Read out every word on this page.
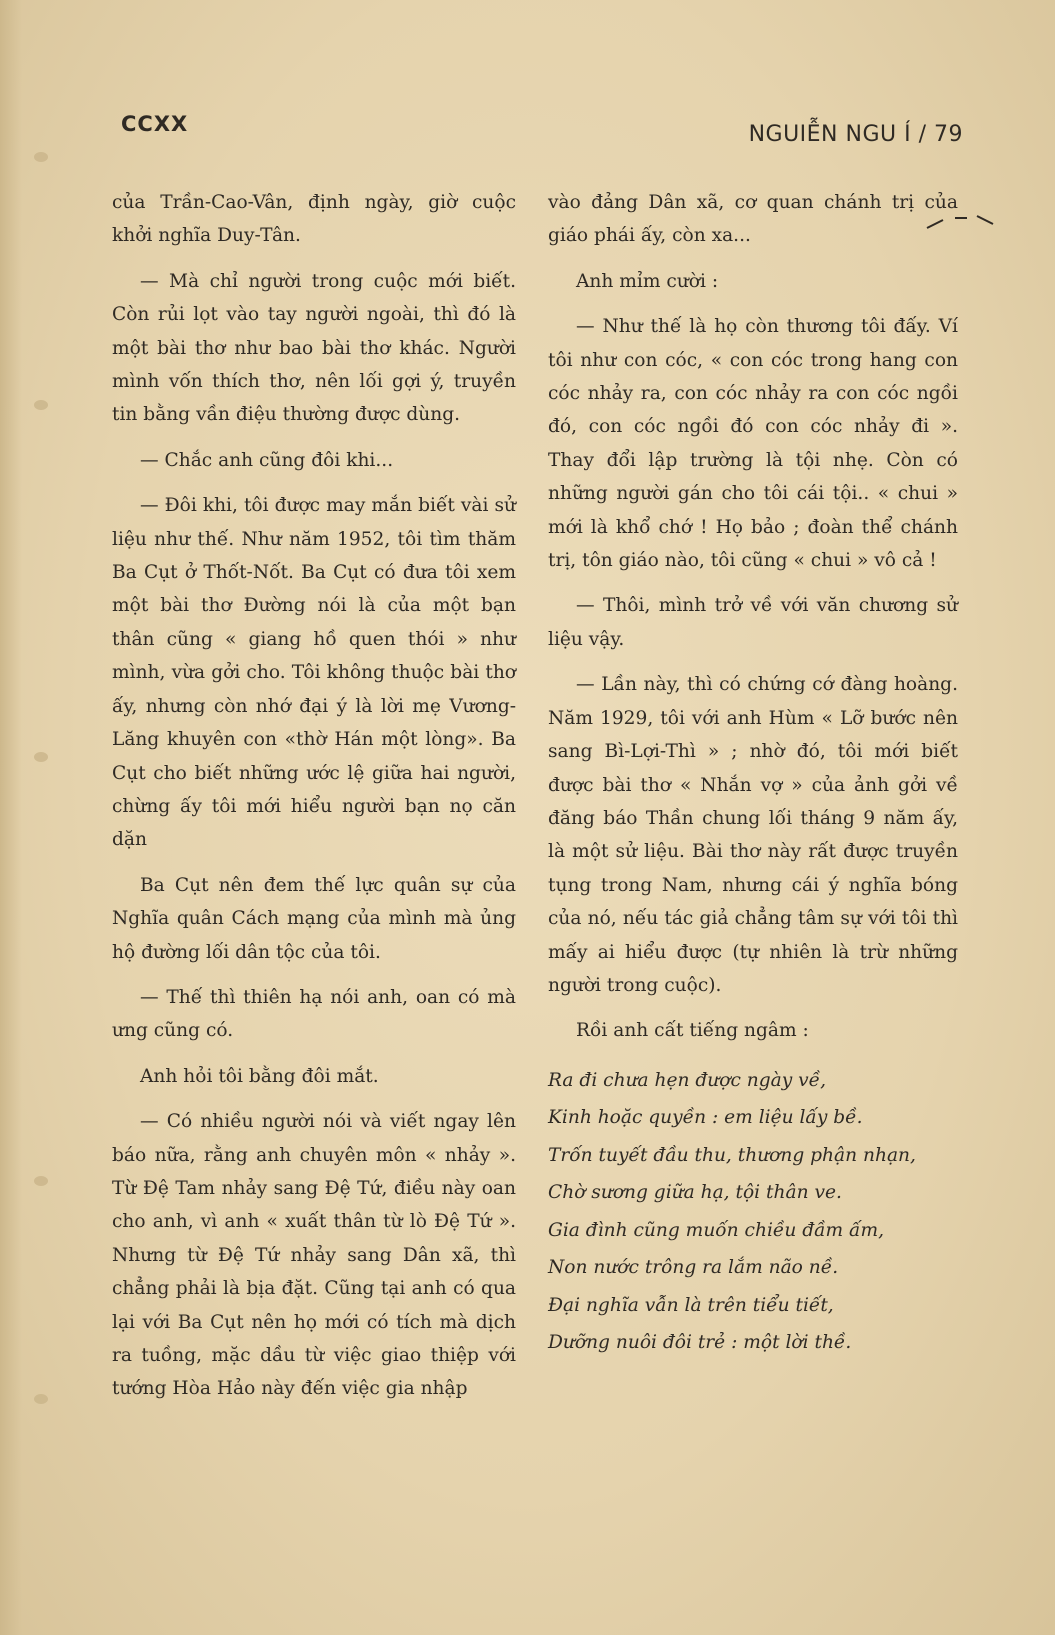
CCXX	NGUIỄN NGU Í / 79

của Trần-Cao-Vân, định ngày, giờ cuộc khởi nghĩa Duy-Tân.

— Mà chỉ người trong cuộc mới biết. Còn rủi lọt vào tay người ngoài, thì đó là một bài thơ như bao bài thơ khác. Người mình vốn thích thơ, nên lối gợi ý, truyền tin bằng vần điệu thường được dùng.

— Chắc anh cũng đôi khi...

— Đôi khi, tôi được may mắn biết vài sử liệu như thế. Như năm 1952, tôi tìm thăm Ba Cụt ở Thốt-Nốt. Ba Cụt có đưa tôi xem một bài thơ Đường nói là của một bạn thân cũng « giang hồ quen thói » như mình, vừa gởi cho. Tôi không thuộc bài thơ ấy, nhưng còn nhớ đại ý là lời mẹ Vương-Lăng khuyên con «thờ Hán một lòng». Ba Cụt cho biết những ước lệ giữa hai người, chừng ấy tôi mới hiểu người bạn nọ căn dặn

Ba Cụt nên đem thế lực quân sự của Nghĩa quân Cách mạng của mình mà ủng hộ đường lối dân tộc của tôi.

— Thế thì thiên hạ nói anh, oan có mà ưng cũng có.

Anh hỏi tôi bằng đôi mắt.

— Có nhiều người nói và viết ngay lên báo nữa, rằng anh chuyên môn « nhảy ». Từ Đệ Tam nhảy sang Đệ Tứ, điều này oan cho anh, vì anh « xuất thân từ lò Đệ Tứ ». Nhưng từ Đệ Tứ nhảy sang Dân xã, thì chẳng phải là bịa đặt. Cũng tại anh có qua lại với Ba Cụt nên họ mới có tích mà dịch ra tuồng, mặc dầu từ việc giao thiệp với tướng Hòa Hảo này đến việc gia nhập

vào đảng Dân xã, cơ quan chánh trị của giáo phái ấy, còn xa...

Anh mỉm cười :

— Như thế là họ còn thương tôi đấy. Ví tôi như con cóc, « con cóc trong hang con cóc nhảy ra, con cóc nhảy ra con cóc ngồi đó, con cóc ngồi đó con cóc nhảy đi ». Thay đổi lập trường là tội nhẹ. Còn có những người gán cho tôi cái tội.. « chui » mới là khổ chớ ! Họ bảo ; đoàn thể chánh trị, tôn giáo nào, tôi cũng « chui » vô cả !

— Thôi, mình trở về với văn chương sử liệu vậy.

— Lần này, thì có chứng cớ đàng hoàng. Năm 1929, tôi với anh Hùm « Lỡ bước nên sang Bì-Lợi-Thì » ; nhờ đó, tôi mới biết được bài thơ « Nhắn vợ » của ảnh gởi về đăng báo Thần chung lối tháng 9 năm ấy, là một sử liệu. Bài thơ này rất được truyền tụng trong Nam, nhưng cái ý nghĩa bóng của nó, nếu tác giả chẳng tâm sự với tôi thì mấy ai hiểu được (tự nhiên là trừ những người trong cuộc).

Rồi anh cất tiếng ngâm :

Ra đi chưa hẹn được ngày về,
Kinh hoặc quyền : em liệu lấy bề.
Trốn tuyết đầu thu, thương phận nhạn,
Chờ sương giữa hạ, tội thân ve.
Gia đình cũng muốn chiều đầm ấm,
Non nước trông ra lắm não nề.
Đại nghĩa vẫn là trên tiểu tiết,
Dưỡng nuôi đôi trẻ : một lời thề.
